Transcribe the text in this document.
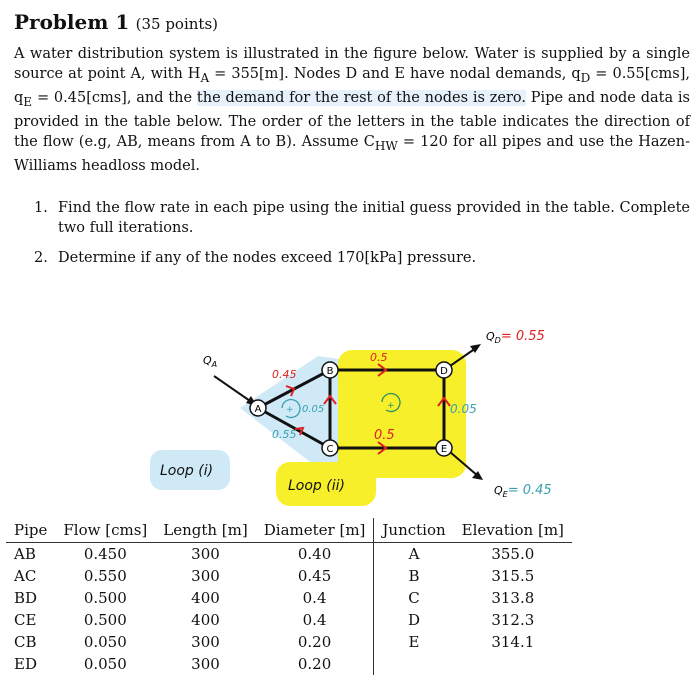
Problem 1 (35 points)
A water distribution system is illustrated in the figure below. Water is supplied by a single source at point A, with $H_A = 355[m]$. Nodes D and E have nodal demands, $q_D = 0.55[cms]$, $q_E = 0.45[cms]$, and the the demand for the rest of the nodes is zero. Pipe and node data is provided in the table below. The order of the letters in the table indicates the direction of the flow (e.g, AB, means from A to B). Assume $C_{HW} = 120$ for all pipes and use the Hazen-Williams headloss model.
1. Find the flow rate in each pipe using the initial guess provided in the table. Complete two full iterations.
2. Determine if any of the nodes exceed 170[kPa] pressure.
A
B
C
D
E
$Q_A$
$Q_D= 0.55$
$Q_E= 0.45$
0.45
0.55
0.05
0.5
0.5
0.05
+	+
Loop (i)
Loop (ii)
Pipe	Flow [cms]	Length [m]	Diameter [m]	Junction	Elevation [m]
AB	0.450	300	0.40	A	355.0
AC	0.550	300	0.45	B	315.5
BD	0.500	400	0.4	C	313.8
CE	0.500	400	0.4	D	312.3
CB	0.050	300	0.20	E	314.1
ED	0.050	300	0.20		
